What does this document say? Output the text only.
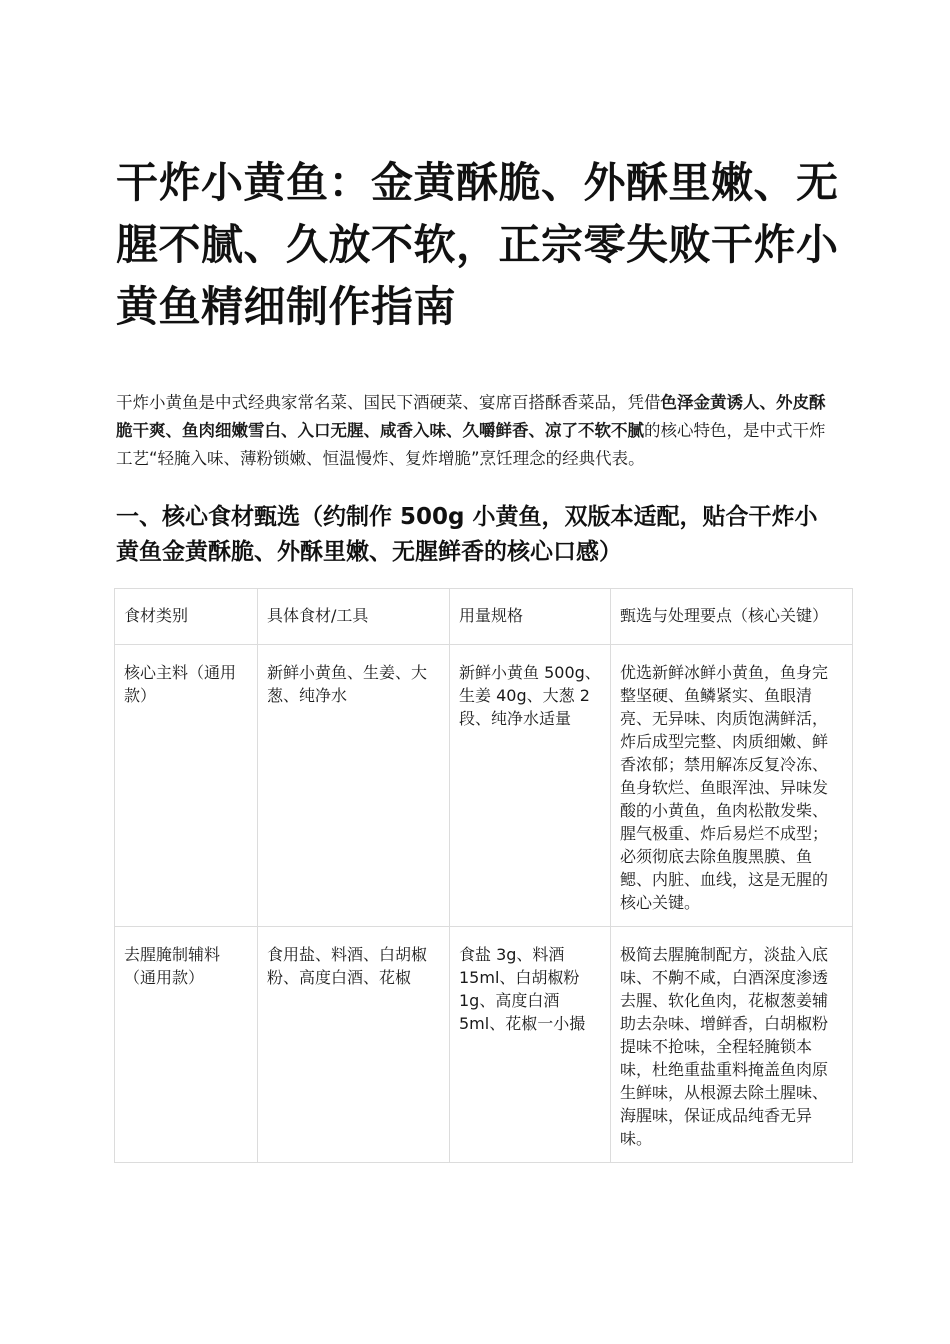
干炸小黄鱼：金黄酥脆、外酥里嫩、无腥不腻、久放不软，正宗零失败干炸小黄鱼精细制作指南

干炸小黄鱼是中式经典家常名菜、国民下酒硬菜、宴席百搭酥香菜品，凭借色泽金黄诱人、外皮酥脆干爽、鱼肉细嫩雪白、入口无腥、咸香入味、久嚼鲜香、凉了不软不腻的核心特色，是中式干炸工艺“轻腌入味、薄粉锁嫩、恒温慢炸、复炸增脆”烹饪理念的经典代表。

一、核心食材甄选（约制作 500g 小黄鱼，双版本适配，贴合干炸小黄鱼金黄酥脆、外酥里嫩、无腥鲜香的核心口感）
食材类别	具体食材/工具	用量规格	甄选与处理要点（核心关键）
核心主料（通用款）	新鲜小黄鱼、生姜、大葱、纯净水	新鲜小黄鱼 500g、生姜 40g、大葱 2 段、纯净水适量	优选新鲜冰鲜小黄鱼，鱼身完整坚硬、鱼鳞紧实、鱼眼清亮、无异味、肉质饱满鲜活，炸后成型完整、肉质细嫩、鲜香浓郁；禁用解冻反复冷冻、鱼身软烂、鱼眼浑浊、异味发酸的小黄鱼，鱼肉松散发柴、腥气极重、炸后易烂不成型；必须彻底去除鱼腹黑膜、鱼鳃、内脏、血线，这是无腥的核心关键。
去腥腌制辅料（通用款）	食用盐、料酒、白胡椒粉、高度白酒、花椒	食盐 3g、料酒 15ml、白胡椒粉 1g、高度白酒 5ml、花椒一小撮	极简去腥腌制配方，淡盐入底味、不齁不咸，白酒深度渗透去腥、软化鱼肉，花椒葱姜辅助去杂味、增鲜香，白胡椒粉提味不抢味，全程轻腌锁本味，杜绝重盐重料掩盖鱼肉原生鲜味，从根源去除土腥味、海腥味，保证成品纯香无异味。
